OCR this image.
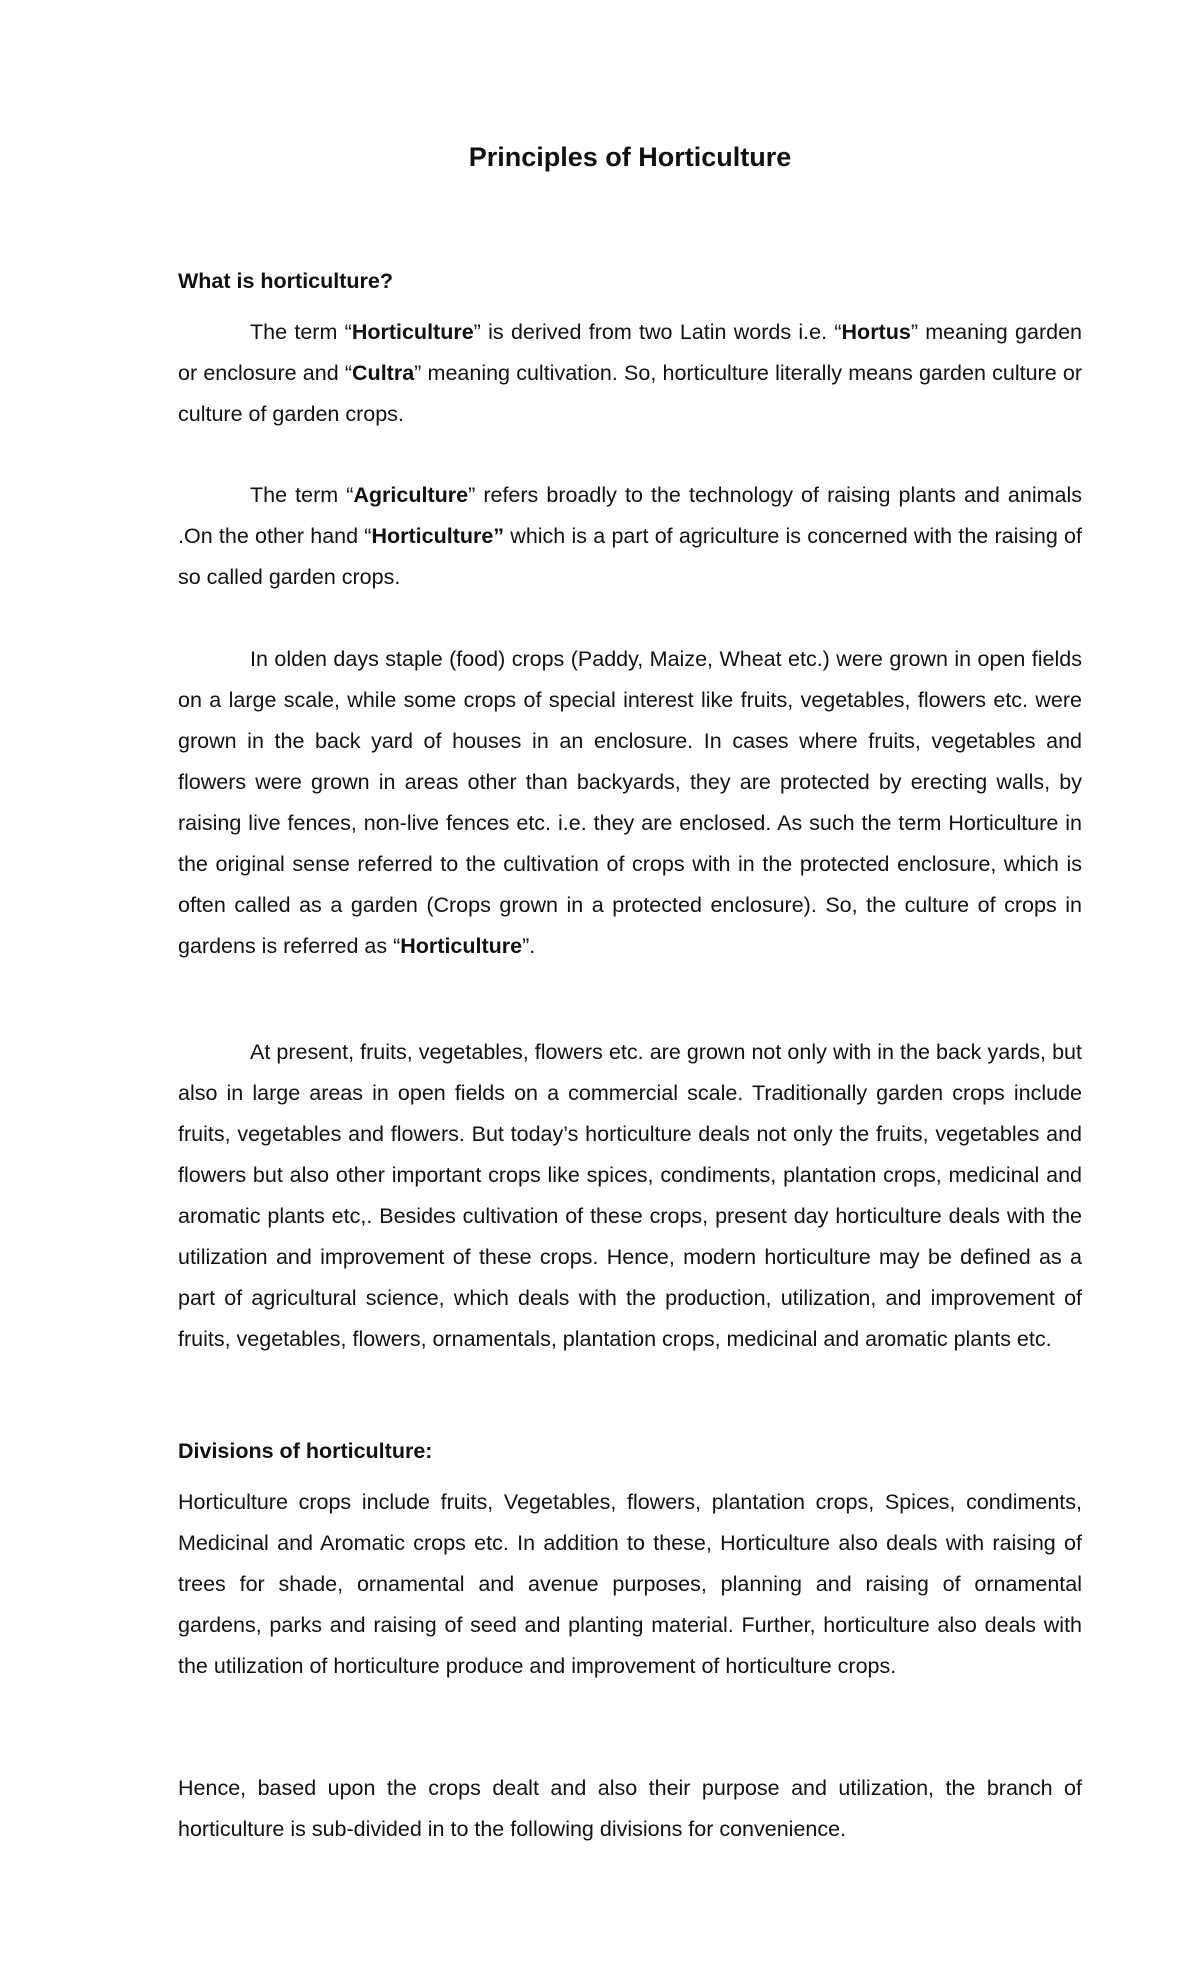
Principles of Horticulture
What is horticulture?

The term “Horticulture” is derived from two Latin words i.e. “Hortus” meaning garden or enclosure and “Cultra” meaning cultivation. So, horticulture literally means garden culture or culture of garden crops.

The term “Agriculture” refers broadly to the technology of raising plants and animals .On the other hand “Horticulture” which is a part of agriculture is concerned with the raising of so called garden crops.

In olden days staple (food) crops (Paddy, Maize, Wheat etc.) were grown in open fields on a large scale, while some crops of special interest like fruits, vegetables, flowers etc. were grown in the back yard of houses in an enclosure. In cases where fruits, vegetables and flowers were grown in areas other than backyards, they are protected by erecting walls, by raising live fences, non-live fences etc. i.e. they are enclosed. As such the term Horticulture in the original sense referred to the cultivation of crops with in the protected enclosure, which is often called as a garden (Crops grown in a protected enclosure). So, the culture of crops in gardens is referred as “Horticulture”.

At present, fruits, vegetables, flowers etc. are grown not only with in the back yards, but also in large areas in open fields on a commercial scale. Traditionally garden crops include fruits, vegetables and flowers. But today’s horticulture deals not only the fruits, vegetables and flowers but also other important crops like spices, condiments, plantation crops, medicinal and aromatic plants etc,. Besides cultivation of these crops, present day horticulture deals with the utilization and improvement of these crops. Hence, modern horticulture may be defined as a part of agricultural science, which deals with the production, utilization, and improvement of fruits, vegetables, flowers, ornamentals, plantation crops, medicinal and aromatic plants etc.

Divisions of horticulture:

Horticulture crops include fruits, Vegetables, flowers, plantation crops, Spices, condiments, Medicinal and Aromatic crops etc. In addition to these, Horticulture also deals with raising of trees for shade, ornamental and avenue purposes, planning and raising of ornamental gardens, parks and raising of seed and planting material. Further, horticulture also deals with the utilization of horticulture produce and improvement of horticulture crops.

Hence, based upon the crops dealt and also their purpose and utilization, the branch of horticulture is sub-divided in to the following divisions for convenience.
